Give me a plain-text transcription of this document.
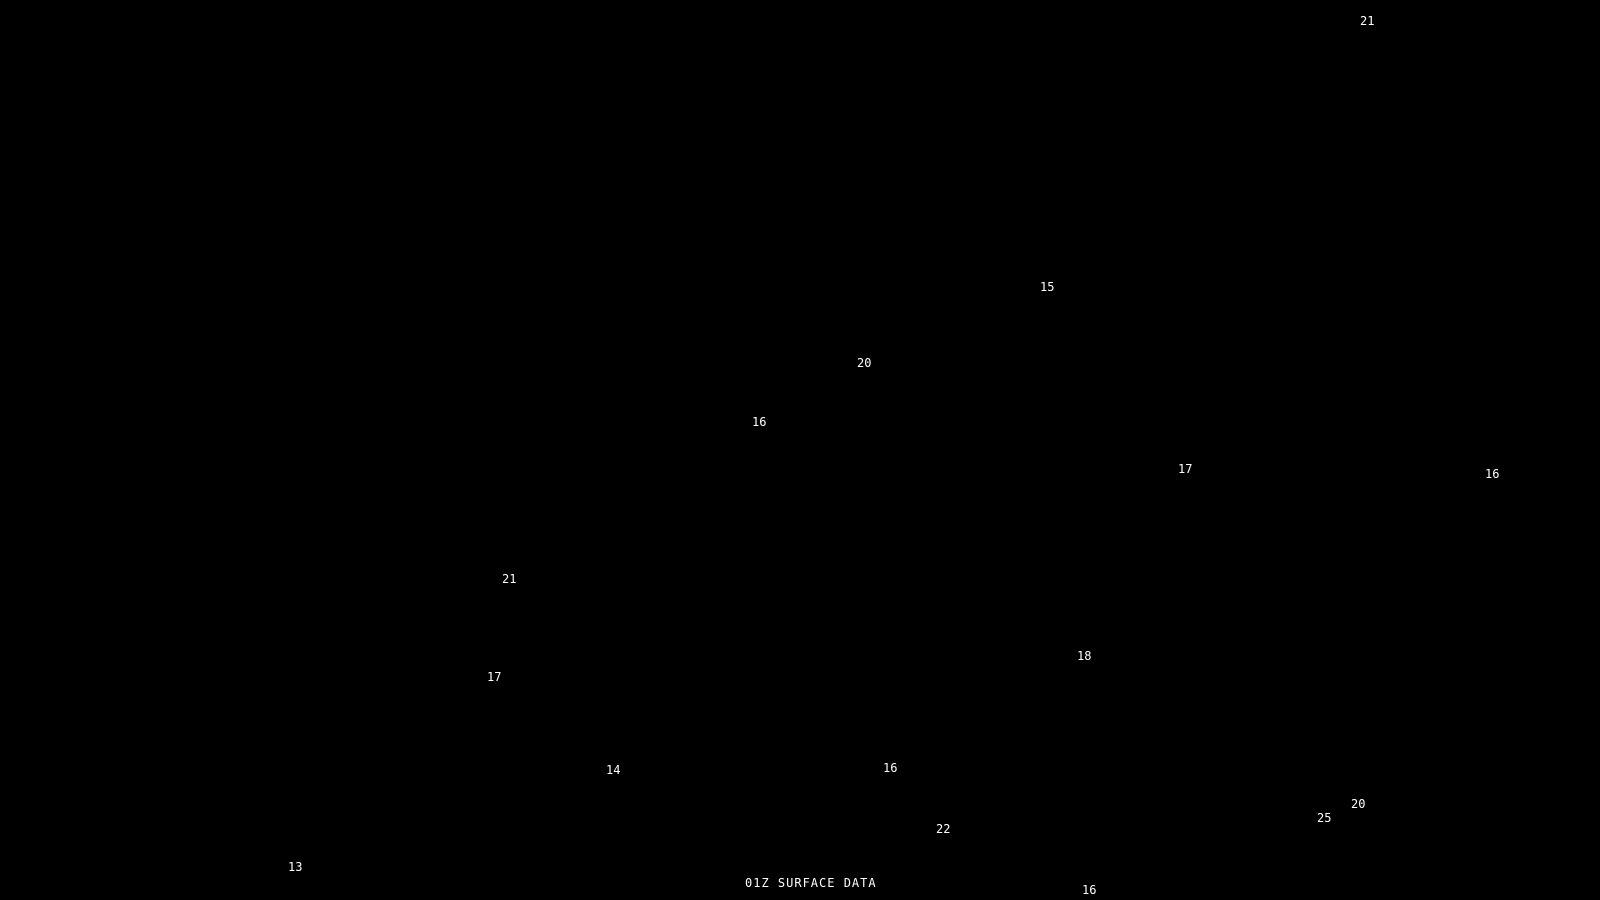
01Z SURFACE DATA
21
15
20
16
17	16
21
18
17
14	16
20
25
22
13
16
